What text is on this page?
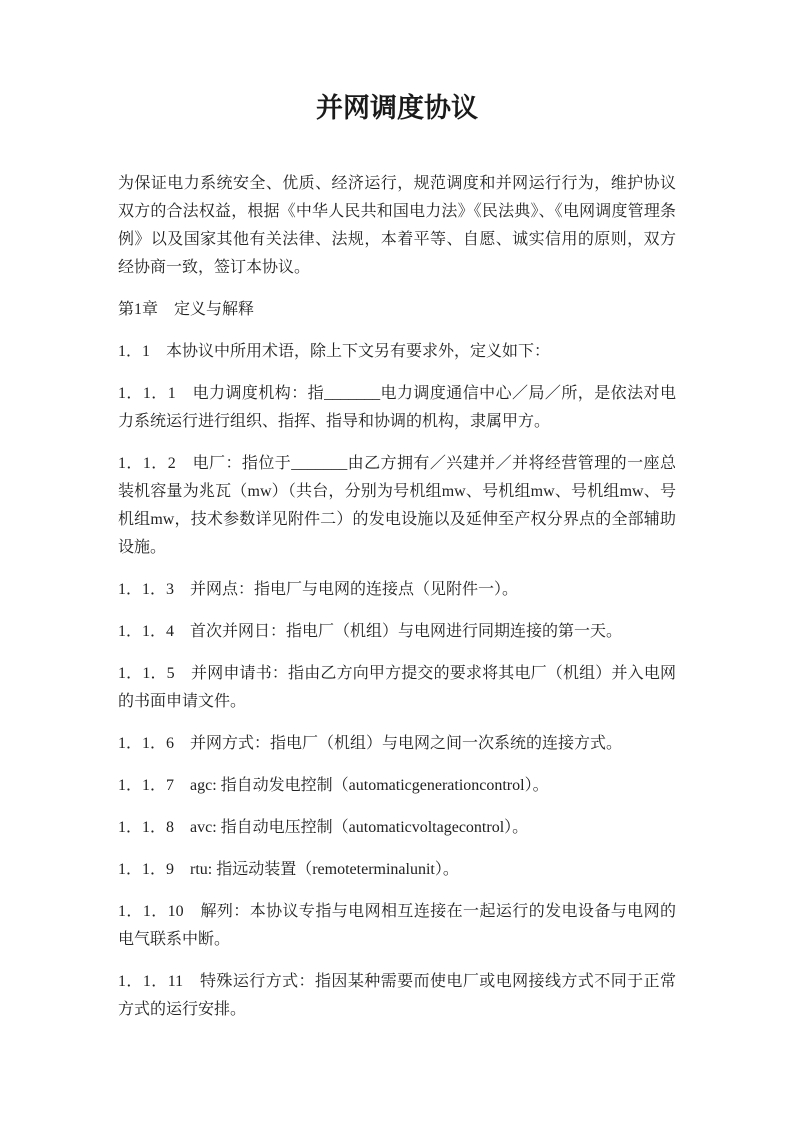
并网调度协议

为保证电力系统安全、优质、经济运行，规范调度和并网运行行为，维护协议双方的合法权益，根据《中华人民共和国电力法》《民法典》、《电网调度管理条例》以及国家其他有关法律、法规，本着平等、自愿、诚实信用的原则，双方经协商一致，签订本协议。

第1章　定义与解释

1．1　本协议中所用术语，除上下文另有要求外，定义如下：

1．1．1　电力调度机构：指_______电力调度通信中心／局／所，是依法对电力系统运行进行组织、指挥、指导和协调的机构，隶属甲方。

1．1．2　电厂：指位于_______由乙方拥有／兴建并／并将经营管理的一座总装机容量为兆瓦（mw）（共台，分别为号机组mw、号机组mw、号机组mw、号机组mw，技术参数详见附件二）的发电设施以及延伸至产权分界点的全部辅助设施。

1．1．3　并网点：指电厂与电网的连接点（见附件一）。

1．1．4　首次并网日：指电厂（机组）与电网进行同期连接的第一天。

1．1．5　并网申请书：指由乙方向甲方提交的要求将其电厂（机组）并入电网的书面申请文件。

1．1．6　并网方式：指电厂（机组）与电网之间一次系统的连接方式。

1．1．7　agc: 指自动发电控制（automaticgenerationcontrol）。

1．1．8　avc: 指自动电压控制（automaticvoltagecontrol）。

1．1．9　rtu: 指远动装置（remoteterminalunit）。

1．1．10　解列：本协议专指与电网相互连接在一起运行的发电设备与电网的电气联系中断。

1．1．11　特殊运行方式：指因某种需要而使电厂或电网接线方式不同于正常方式的运行安排。
